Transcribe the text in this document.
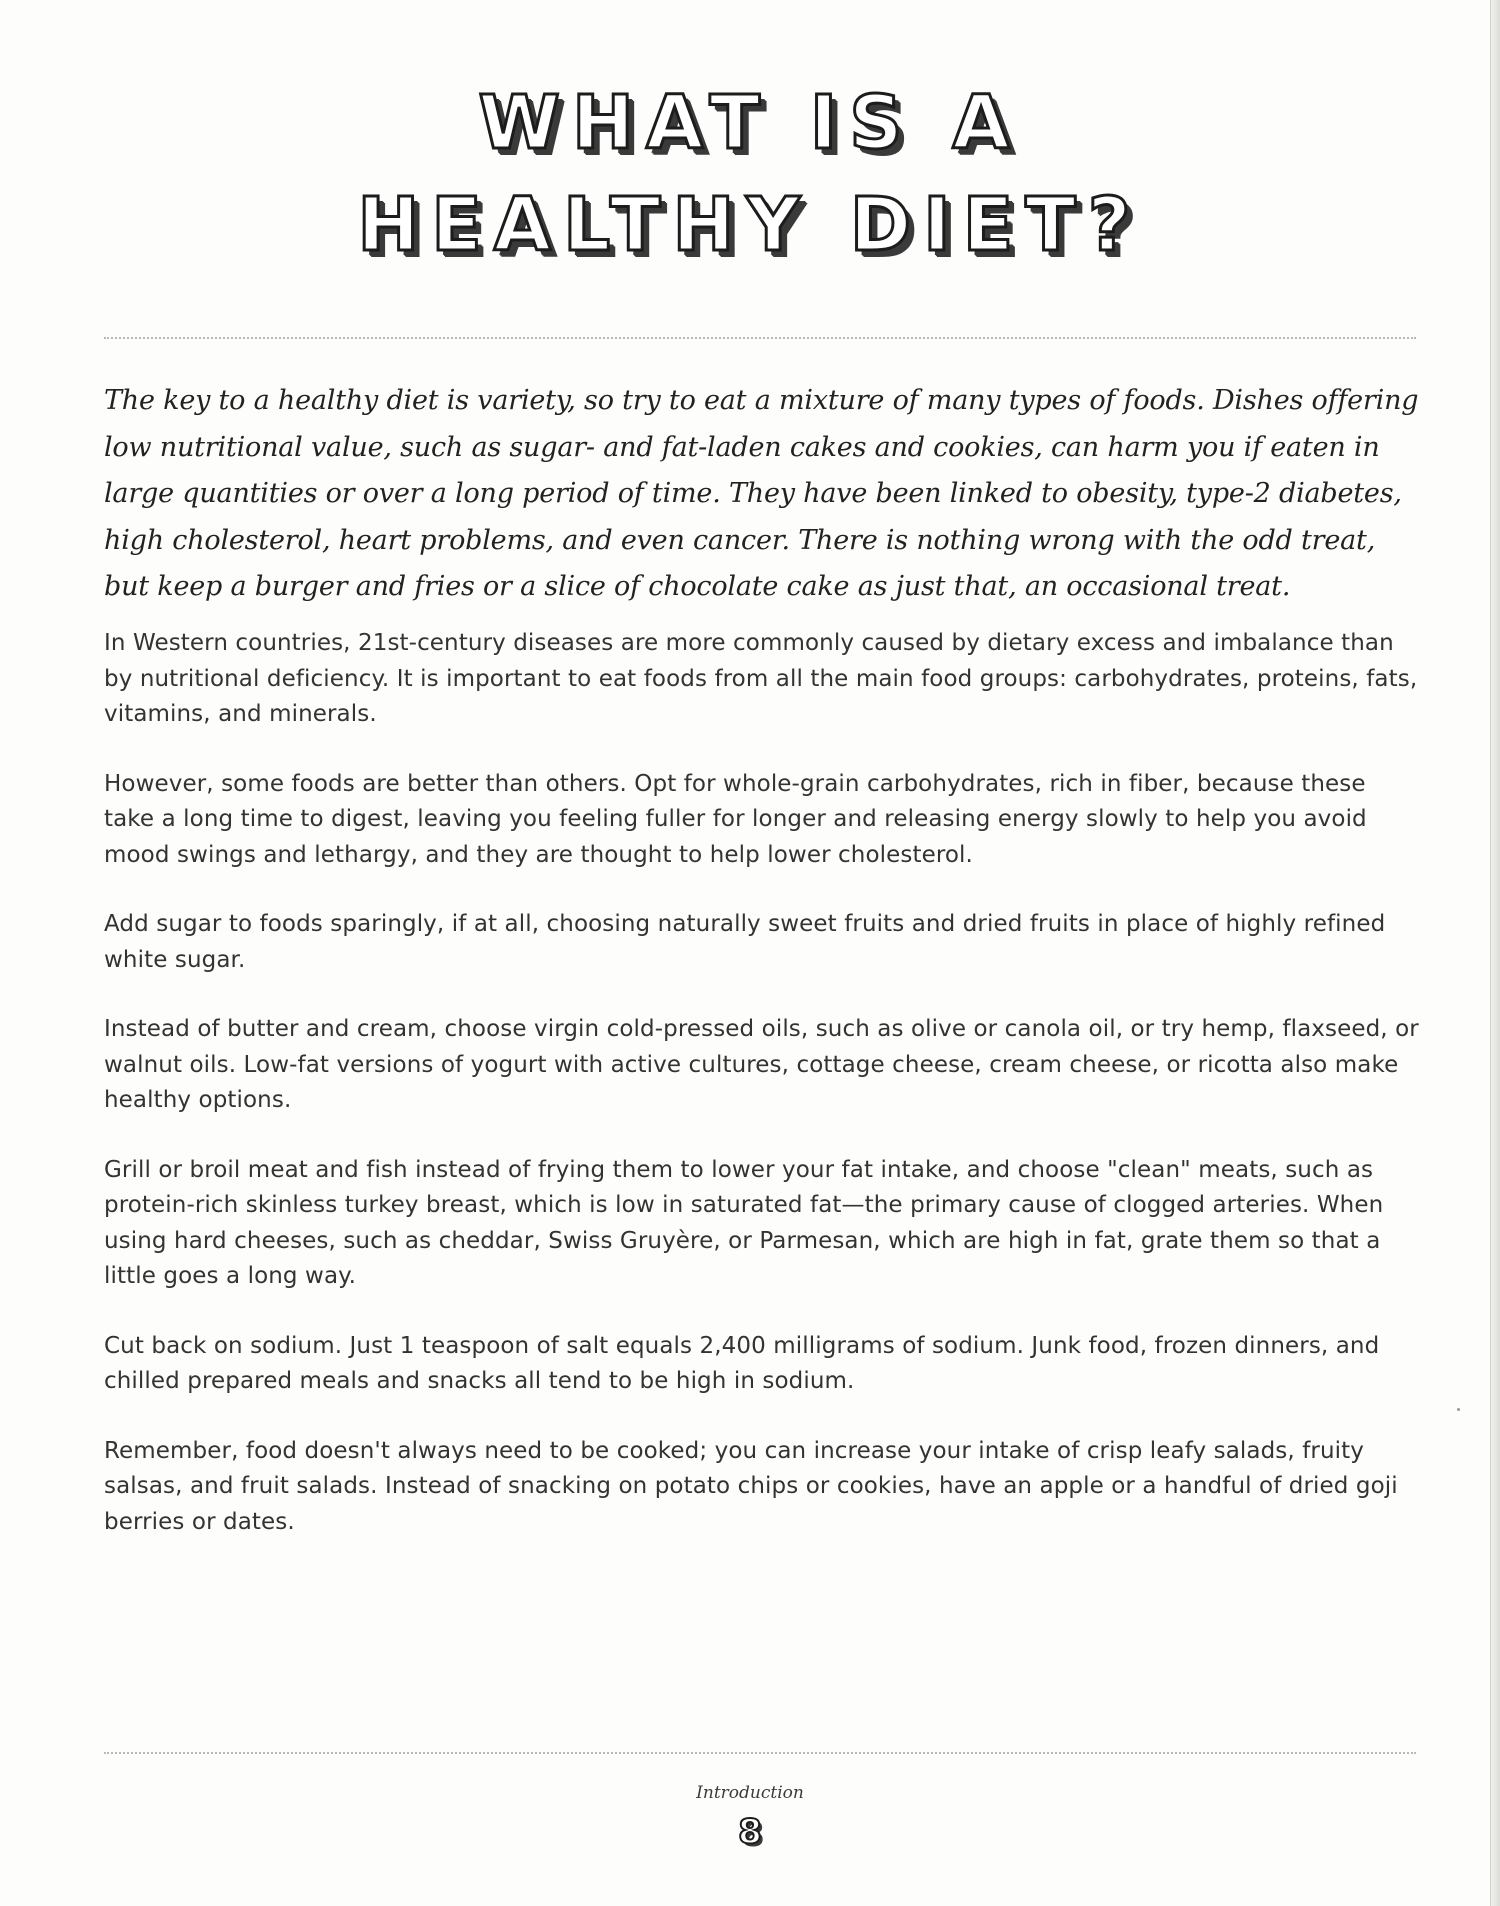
WHAT IS A
HEALTHY DIET?

The key to a healthy diet is variety, so try to eat a mixture of many types of foods. Dishes offering low nutritional value, such as sugar- and fat-laden cakes and cookies, can harm you if eaten in large quantities or over a long period of time. They have been linked to obesity, type-2 diabetes, high cholesterol, heart problems, and even cancer. There is nothing wrong with the odd treat, but keep a burger and fries or a slice of chocolate cake as just that, an occasional treat.

In Western countries, 21st-century diseases are more commonly caused by dietary excess and imbalance than by nutritional deficiency. It is important to eat foods from all the main food groups: carbohydrates, proteins, fats, vitamins, and minerals.

However, some foods are better than others. Opt for whole-grain carbohydrates, rich in fiber, because these take a long time to digest, leaving you feeling fuller for longer and releasing energy slowly to help you avoid mood swings and lethargy, and they are thought to help lower cholesterol.

Add sugar to foods sparingly, if at all, choosing naturally sweet fruits and dried fruits in place of highly refined white sugar.

Instead of butter and cream, choose virgin cold-pressed oils, such as olive or canola oil, or try hemp, flaxseed, or walnut oils. Low-fat versions of yogurt with active cultures, cottage cheese, cream cheese, or ricotta also make healthy options.

Grill or broil meat and fish instead of frying them to lower your fat intake, and choose "clean" meats, such as protein-rich skinless turkey breast, which is low in saturated fat—the primary cause of clogged arteries. When using hard cheeses, such as cheddar, Swiss Gruyère, or Parmesan, which are high in fat, grate them so that a little goes a long way.

Cut back on sodium. Just 1 teaspoon of salt equals 2,400 milligrams of sodium. Junk food, frozen dinners, and chilled prepared meals and snacks all tend to be high in sodium.

Remember, food doesn't always need to be cooked; you can increase your intake of crisp leafy salads, fruity salsas, and fruit salads. Instead of snacking on potato chips or cookies, have an apple or a handful of dried goji berries or dates.

Introduction
8
